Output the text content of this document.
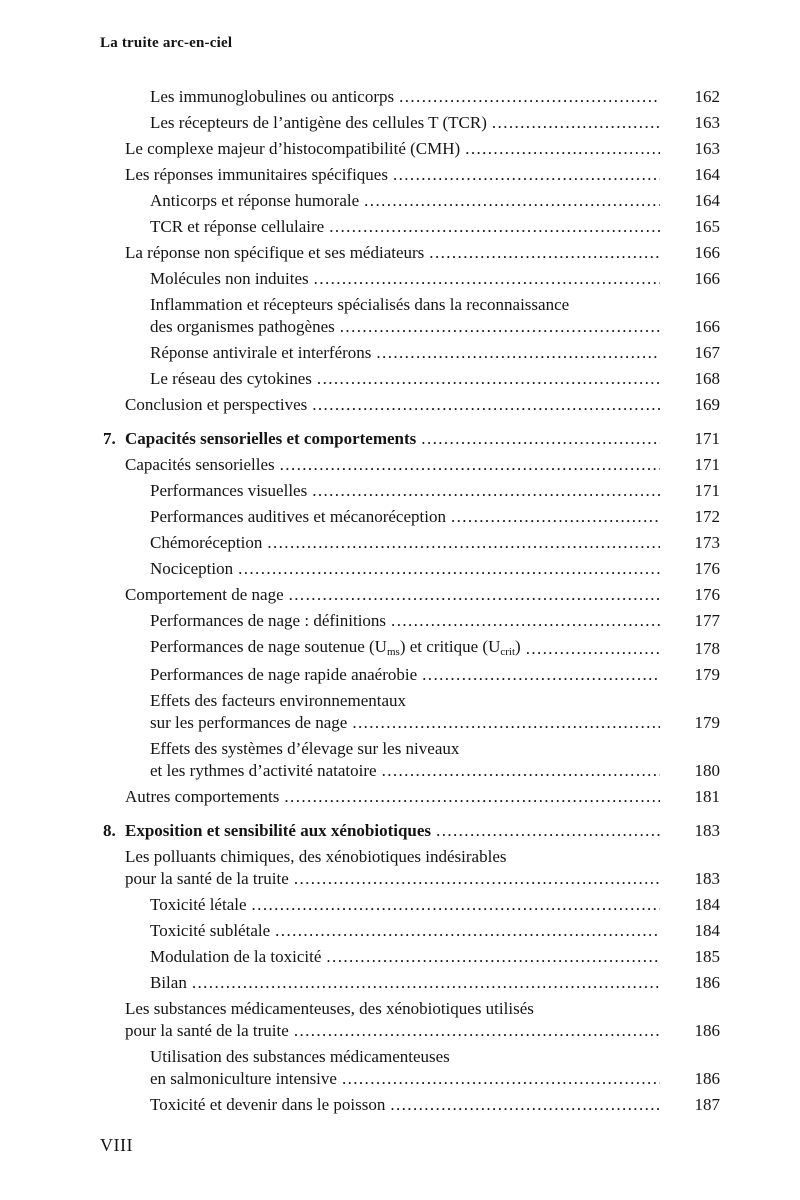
La truite arc-en-ciel
Les immunoglobulines ou anticorps .....	162
Les récepteurs de l’antigène des cellules T (TCR) .....	163
Le complexe majeur d’histocompatibilité (CMH) .....	163
Les réponses immunitaires spécifiques .....	164
Anticorps et réponse humorale .....	164
TCR et réponse cellulaire .....	165
La réponse non spécifique et ses médiateurs .....	166
Molécules non induites .....	166
Inflammation et récepteurs spécialisés dans la reconnaissance
des organismes pathogènes .....	166
Réponse antivirale et interférons .....	167
Le réseau des cytokines .....	168
Conclusion et perspectives .....	169
7. Capacités sensorielles et comportements .....	171
Capacités sensorielles .....	171
Performances visuelles .....	171
Performances auditives et mécanoréception .....	172
Chémoréception .....	173
Nociception .....	176
Comportement de nage .....	176
Performances de nage : définitions .....	177
Performances de nage soutenue (Ums) et critique (Ucrit) .....	178
Performances de nage rapide anaérobie .....	179
Effets des facteurs environnementaux
sur les performances de nage .....	179
Effets des systèmes d’élevage sur les niveaux
et les rythmes d’activité natatoire .....	180
Autres comportements .....	181
8. Exposition et sensibilité aux xénobiotiques .....	183
Les polluants chimiques, des xénobiotiques indésirables
pour la santé de la truite .....	183
Toxicité létale .....	184
Toxicité sublétale .....	184
Modulation de la toxicité .....	185
Bilan .....	186
Les substances médicamenteuses, des xénobiotiques utilisés
pour la santé de la truite .....	186
Utilisation des substances médicamenteuses
en salmoniculture intensive .....	186
Toxicité et devenir dans le poisson .....	187
VIII
